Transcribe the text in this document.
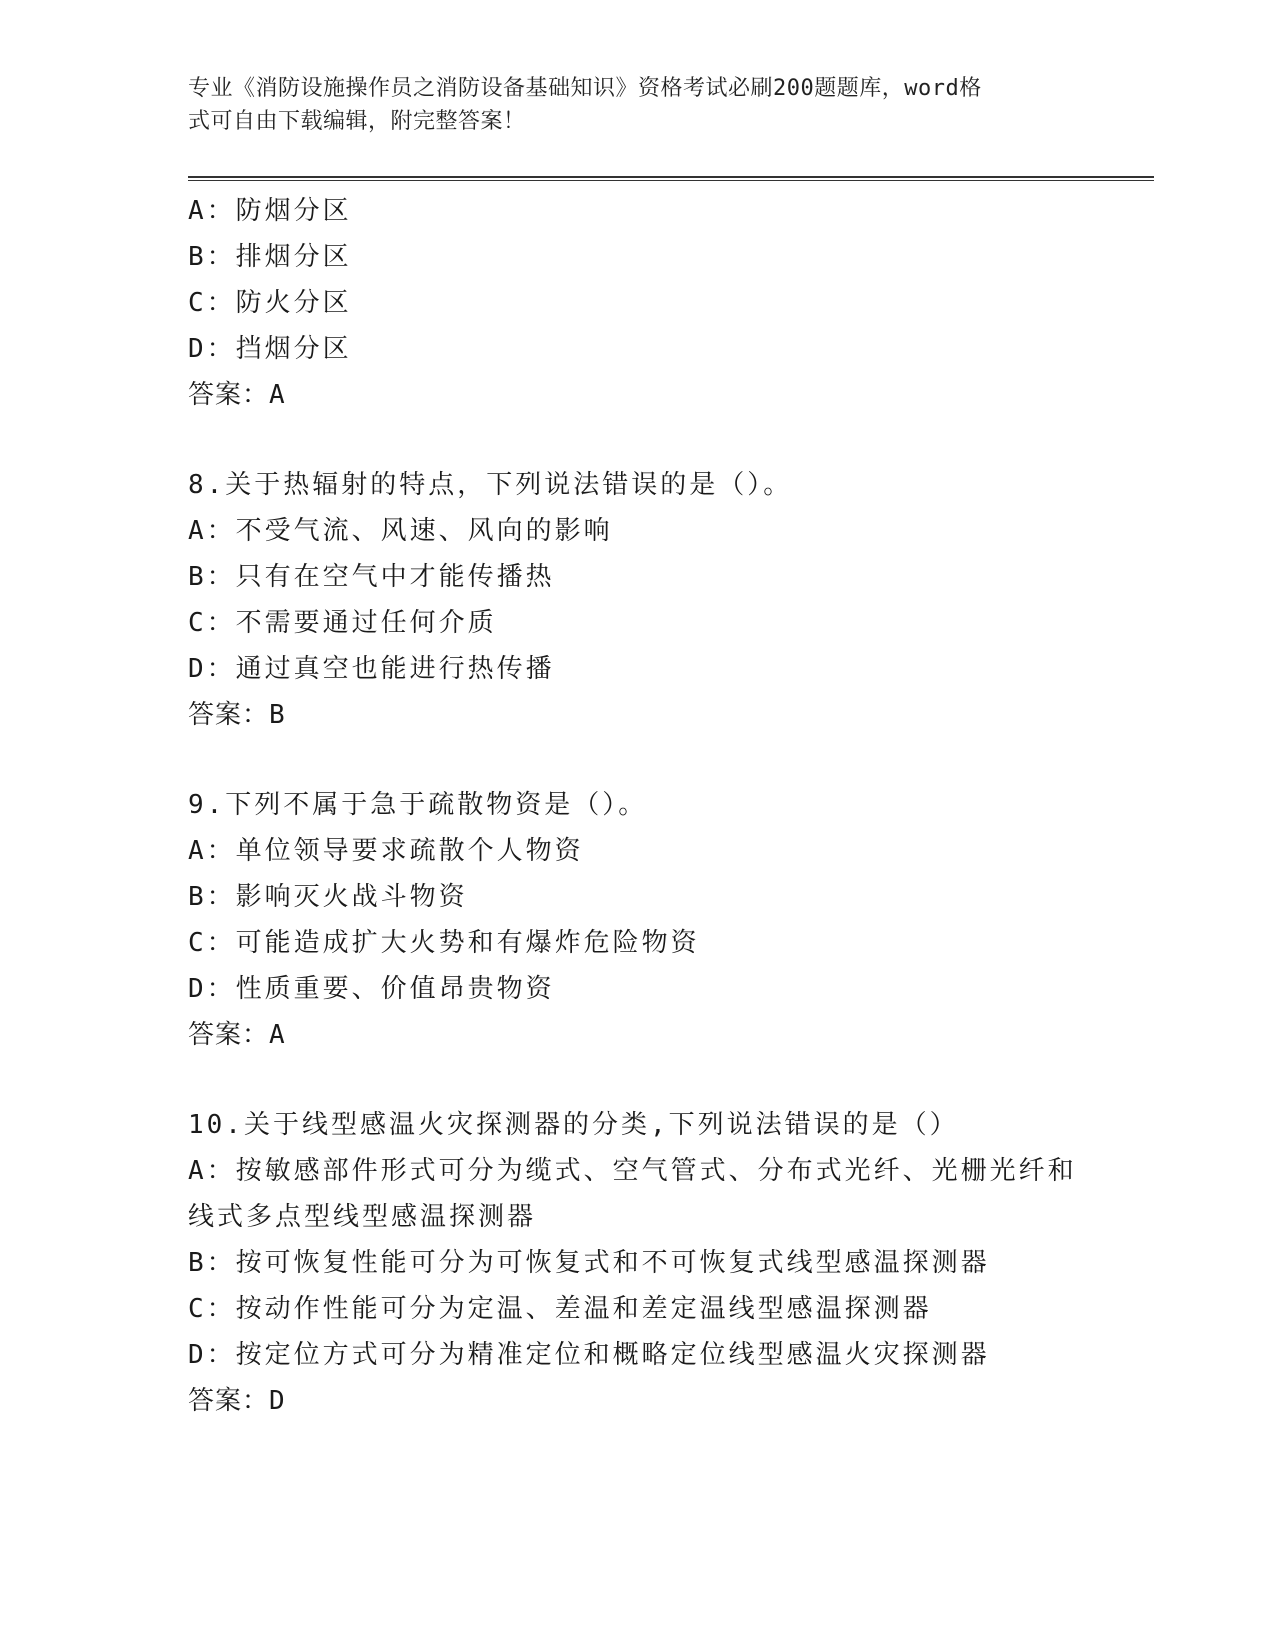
专业《消防设施操作员之消防设备基础知识》资格考试必刷200题题库，word格
式可自由下载编辑，附完整答案！
A：防烟分区
B：排烟分区
C：防火分区
D：挡烟分区
答案：A
8.关于热辐射的特点，下列说法错误的是（）。
A：不受气流、风速、风向的影响
B：只有在空气中才能传播热
C：不需要通过任何介质
D：通过真空也能进行热传播
答案：B
9.下列不属于急于疏散物资是（）。
A：单位领导要求疏散个人物资
B：影响灭火战斗物资
C：可能造成扩大火势和有爆炸危险物资
D：性质重要、价值昂贵物资
答案：A
10.关于线型感温火灾探测器的分类,下列说法错误的是（）
A：按敏感部件形式可分为缆式、空气管式、分布式光纤、光栅光纤和
线式多点型线型感温探测器
B：按可恢复性能可分为可恢复式和不可恢复式线型感温探测器
C：按动作性能可分为定温、差温和差定温线型感温探测器
D：按定位方式可分为精准定位和概略定位线型感温火灾探测器
答案：D
